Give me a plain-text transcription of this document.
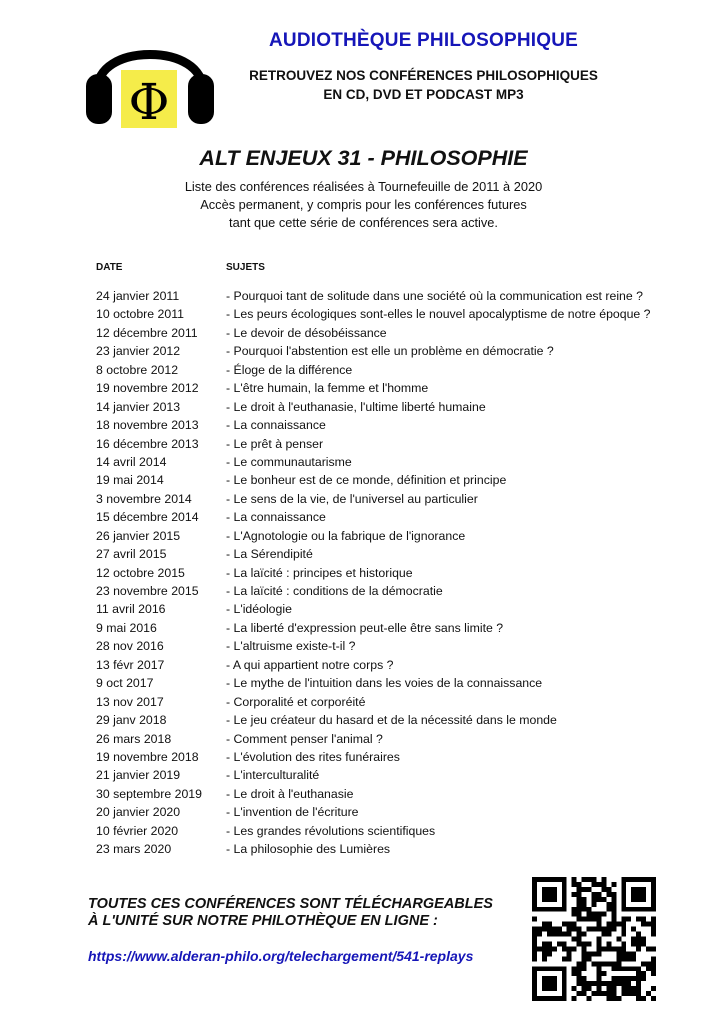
Φ
AUDIOTHÈQUE PHILOSOPHIQUE
RETROUVEZ NOS CONFÉRENCES PHILOSOPHIQUES
EN CD, DVD ET PODCAST MP3
ALT ENJEUX 31 - PHILOSOPHIE
Liste des conférences réalisées à Tournefeuille de 2011 à 2020
Accès permanent, y compris pour les conférences futures
tant que cette série de conférences sera active.
DATE	SUJETS
24 janvier 2011	- Pourquoi tant de solitude dans une société où la communication est reine ?
10 octobre 2011	- Les peurs écologiques sont-elles le nouvel apocalyptisme de notre époque ?
12 décembre 2011	- Le devoir de désobéissance
23 janvier 2012	- Pourquoi l'abstention est elle un problème en démocratie ?
8 octobre 2012	- Éloge de la différence
19 novembre 2012	- L'être humain, la femme et l'homme
14 janvier 2013	- Le droit à l'euthanasie, l'ultime liberté humaine
18 novembre 2013	- La connaissance
16 décembre 2013	- Le prêt à penser
14 avril 2014	- Le communautarisme
19 mai 2014	- Le bonheur est de ce monde, définition et principe
3 novembre 2014	- Le sens de la vie, de l'universel au particulier
15 décembre 2014	- La connaissance
26 janvier 2015	- L'Agnotologie ou la fabrique de l'ignorance
27 avril 2015	- La Sérendipité
12 octobre 2015	- La laïcité : principes et historique
23 novembre 2015	- La laïcité : conditions de la démocratie
11 avril 2016	- L'idéologie
9 mai 2016	- La liberté d'expression peut-elle être sans limite ?
28 nov 2016	- L'altruisme existe-t-il ?
13 févr 2017	- A qui appartient notre corps ?
9 oct 2017	- Le mythe de l'intuition dans les voies de la connaissance
13 nov 2017	- Corporalité et corporéité
29 janv 2018	- Le jeu créateur du hasard et de la nécessité dans le monde
26 mars 2018	- Comment penser l'animal ?
19 novembre 2018	- L'évolution des rites funéraires
21 janvier 2019	- L'interculturalité
30 septembre 2019	- Le droit à l'euthanasie
20 janvier 2020	- L'invention de l'écriture
10 février 2020	- Les grandes révolutions scientifiques
23 mars 2020	- La philosophie des Lumières
TOUTES CES CONFÉRENCES SONT TÉLÉCHARGEABLES
À L'UNITÉ SUR NOTRE PHILOTHÈQUE EN LIGNE :
https://www.alderan-philo.org/telechargement/541-replays
